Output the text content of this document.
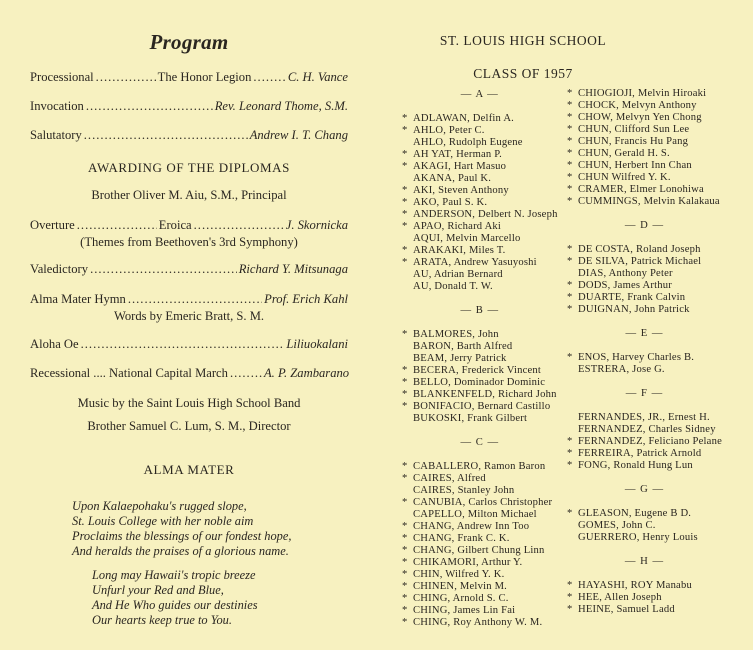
Program
Processional .....	The Honor Legion .....	C. H. Vance
Invocation .....	Rev. Leonard Thome, S.M.
Salutatory .....	Andrew I. T. Chang
AWARDING OF THE DIPLOMAS
Brother Oliver M. Aiu, S.M., Principal
Overture .....	Eroica .....	J. Skornicka
(Themes from Beethoven's 3rd Symphony)
Valedictory .....	Richard Y. Mitsunaga
Alma Mater Hymn .....	Prof. Erich Kahl
Words by Emeric Bratt, S. M.
Aloha Oe .....	Liliuokalani
Recessional .... National Capital March .....	A. P. Zambarano
Music by the Saint Louis High School Band
Brother Samuel C. Lum, S. M., Director
ALMA MATER
Upon Kalaepohaku's rugged slope,
St. Louis College with her noble aim
Proclaims the blessings of our fondest hope,
And heralds the praises of a glorious name.
Long may Hawaii's tropic breeze
Unfurl your Red and Blue,
And He Who guides our destinies
Our hearts keep true to You.
ST. LOUIS HIGH SCHOOL
CLASS OF 1957
— A —
* ADLAWAN, Delfin A.
* AHLO, Peter C.
AHLO, Rudolph Eugene
* AH YAT, Herman P.
* AKAGI, Hart Masuo
AKANA, Paul K.
* AKI, Steven Anthony
* AKO, Paul S. K.
* ANDERSON, Delbert N. Joseph
* APAO, Richard Aki
AQUI, Melvin Marcello
* ARAKAKI, Miles T.
* ARATA, Andrew Yasuyoshi
AU, Adrian Bernard
AU, Donald T. W.
— B —
* BALMORES, John
BARON, Barth Alfred
BEAM, Jerry Patrick
* BECERA, Frederick Vincent
* BELLO, Dominador Dominic
* BLANKENFELD, Richard John
* BONIFACIO, Bernard Castillo
BUKOSKI, Frank Gilbert
— C —
* CABALLERO, Ramon Baron
* CAIRES, Alfred
CAIRES, Stanley John
* CANUBIA, Carlos Christopher
CAPELLO, Milton Michael
* CHANG, Andrew Inn Too
* CHANG, Frank C. K.
* CHANG, Gilbert Chung Linn
* CHIKAMORI, Arthur Y.
* CHIN, Wilfred Y. K.
* CHINEN, Melvin M.
* CHING, Arnold S. C.
* CHING, James Lin Fai
* CHING, Roy Anthony W. M.
* CHIOGIOJI, Melvin Hiroaki
* CHOCK, Melvyn Anthony
* CHOW, Melvyn Yen Chong
* CHUN, Clifford Sun Lee
* CHUN, Francis Hu Pang
* CHUN, Gerald H. S.
* CHUN, Herbert Inn Chan
* CHUN Wilfred Y. K.
* CRAMER, Elmer Lonohiwa
* CUMMINGS, Melvin Kalakaua
— D —
* DE COSTA, Roland Joseph
* DE SILVA, Patrick Michael
DIAS, Anthony Peter
* DODS, James Arthur
* DUARTE, Frank Calvin
* DUIGNAN, John Patrick
— E —
* ENOS, Harvey Charles B.
ESTRERA, Jose G.
— F —
FERNANDES, JR., Ernest H.
FERNANDEZ, Charles Sidney
* FERNANDEZ, Feliciano Pelane
* FERREIRA, Patrick Arnold
* FONG, Ronald Hung Lun
— G —
* GLEASON, Eugene B D.
GOMES, John C.
GUERRERO, Henry Louis
— H —
* HAYASHI, ROY Manabu
* HEE, Allen Joseph
* HEINE, Samuel Ladd
